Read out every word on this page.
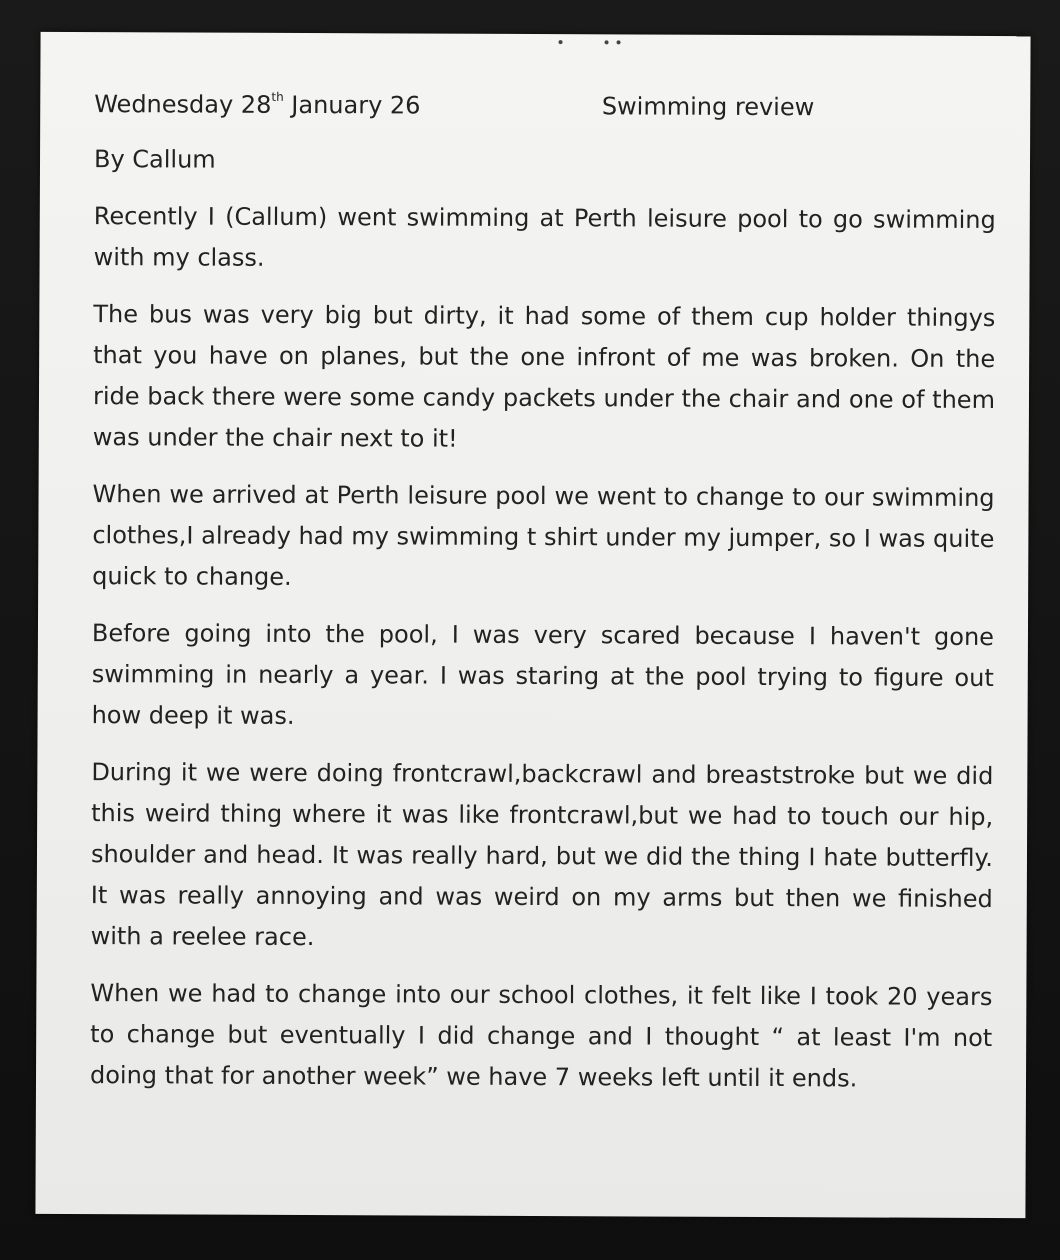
Wednesday 28th January 26	Swimming review
By Callum

Recently I (Callum) went swimming at Perth leisure pool to go swimming with my class.

The bus was very big but dirty, it had some of them cup holder thingys that you have on planes, but the one infront of me was broken. On the ride back there were some candy packets under the chair and one of them was under the chair next to it!

When we arrived at Perth leisure pool we went to change to our swimming clothes,I already had my swimming t shirt under my jumper, so I was quite quick to change.

Before going into the pool, I was very scared because I haven't gone swimming in nearly a year. I was staring at the pool trying to figure out how deep it was.

During it we were doing frontcrawl,backcrawl and breaststroke but we did this weird thing where it was like frontcrawl,but we had to touch our hip, shoulder and head. It was really hard, but we did the thing I hate butterfly. It was really annoying and was weird on my arms but then we finished with a reelee race.

When we had to change into our school clothes, it felt like I took 20 years to change but eventually I did change and I thought “ at least I'm not doing that for another week” we have 7 weeks left until it ends.
